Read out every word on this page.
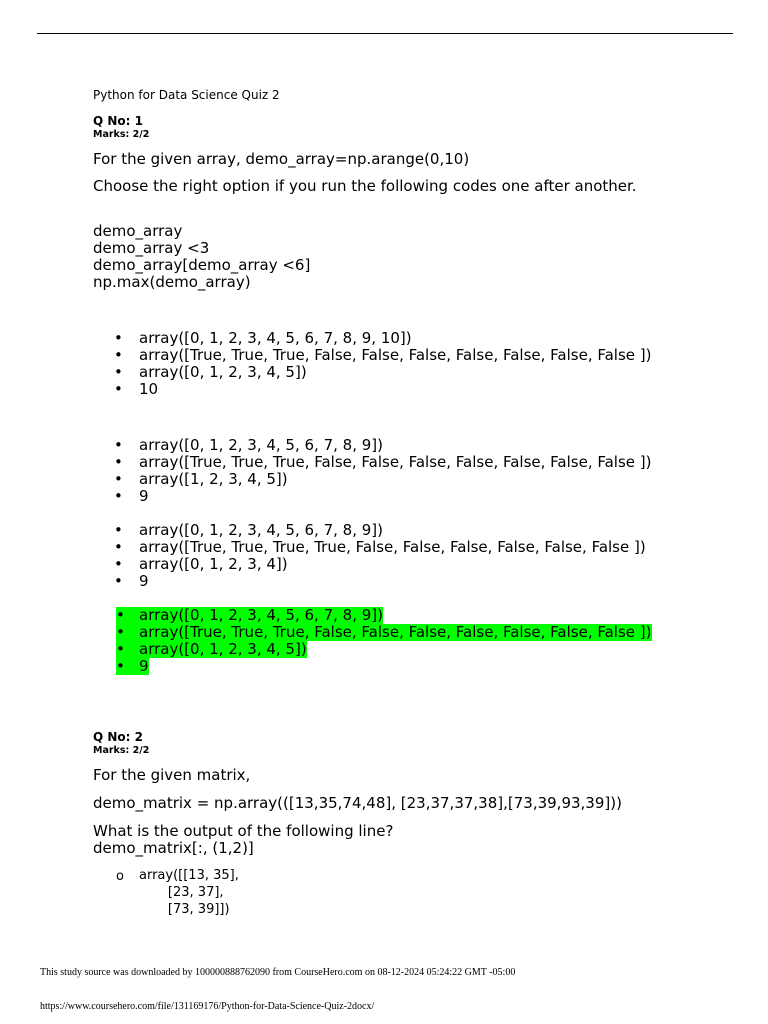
Python for Data Science Quiz 2
Q No: 1
Marks: 2/2
For the given array, demo_array=np.arange(0,10)
Choose the right option if you run the following codes one after another.
demo_array
demo_array <3
demo_array[demo_array <6]
np.max(demo_array)
• array([0, 1, 2, 3, 4, 5, 6, 7, 8, 9, 10])
• array([True, True, True, False, False, False, False, False, False, False ])
• array([0, 1, 2, 3, 4, 5])
• 10
• array([0, 1, 2, 3, 4, 5, 6, 7, 8, 9])
• array([True, True, True, False, False, False, False, False, False, False ])
• array([1, 2, 3, 4, 5])
• 9
• array([0, 1, 2, 3, 4, 5, 6, 7, 8, 9])
• array([True, True, True, True, False, False, False, False, False, False ])
• array([0, 1, 2, 3, 4])
• 9
• array([0, 1, 2, 3, 4, 5, 6, 7, 8, 9])
• array([True, True, True, False, False, False, False, False, False, False ])
• array([0, 1, 2, 3, 4, 5])
• 9
Q No: 2
Marks: 2/2
For the given matrix,
demo_matrix = np.array(([13,35,74,48], [23,37,37,38],[73,39,93,39]))
What is the output of the following line?
demo_matrix[:, (1,2)]
o array([[13, 35],
[23, 37],
[73, 39]])
This study source was downloaded by 100000888762090 from CourseHero.com on 08-12-2024 05:24:22 GMT -05:00
https://www.coursehero.com/file/131169176/Python-for-Data-Science-Quiz-2docx/
